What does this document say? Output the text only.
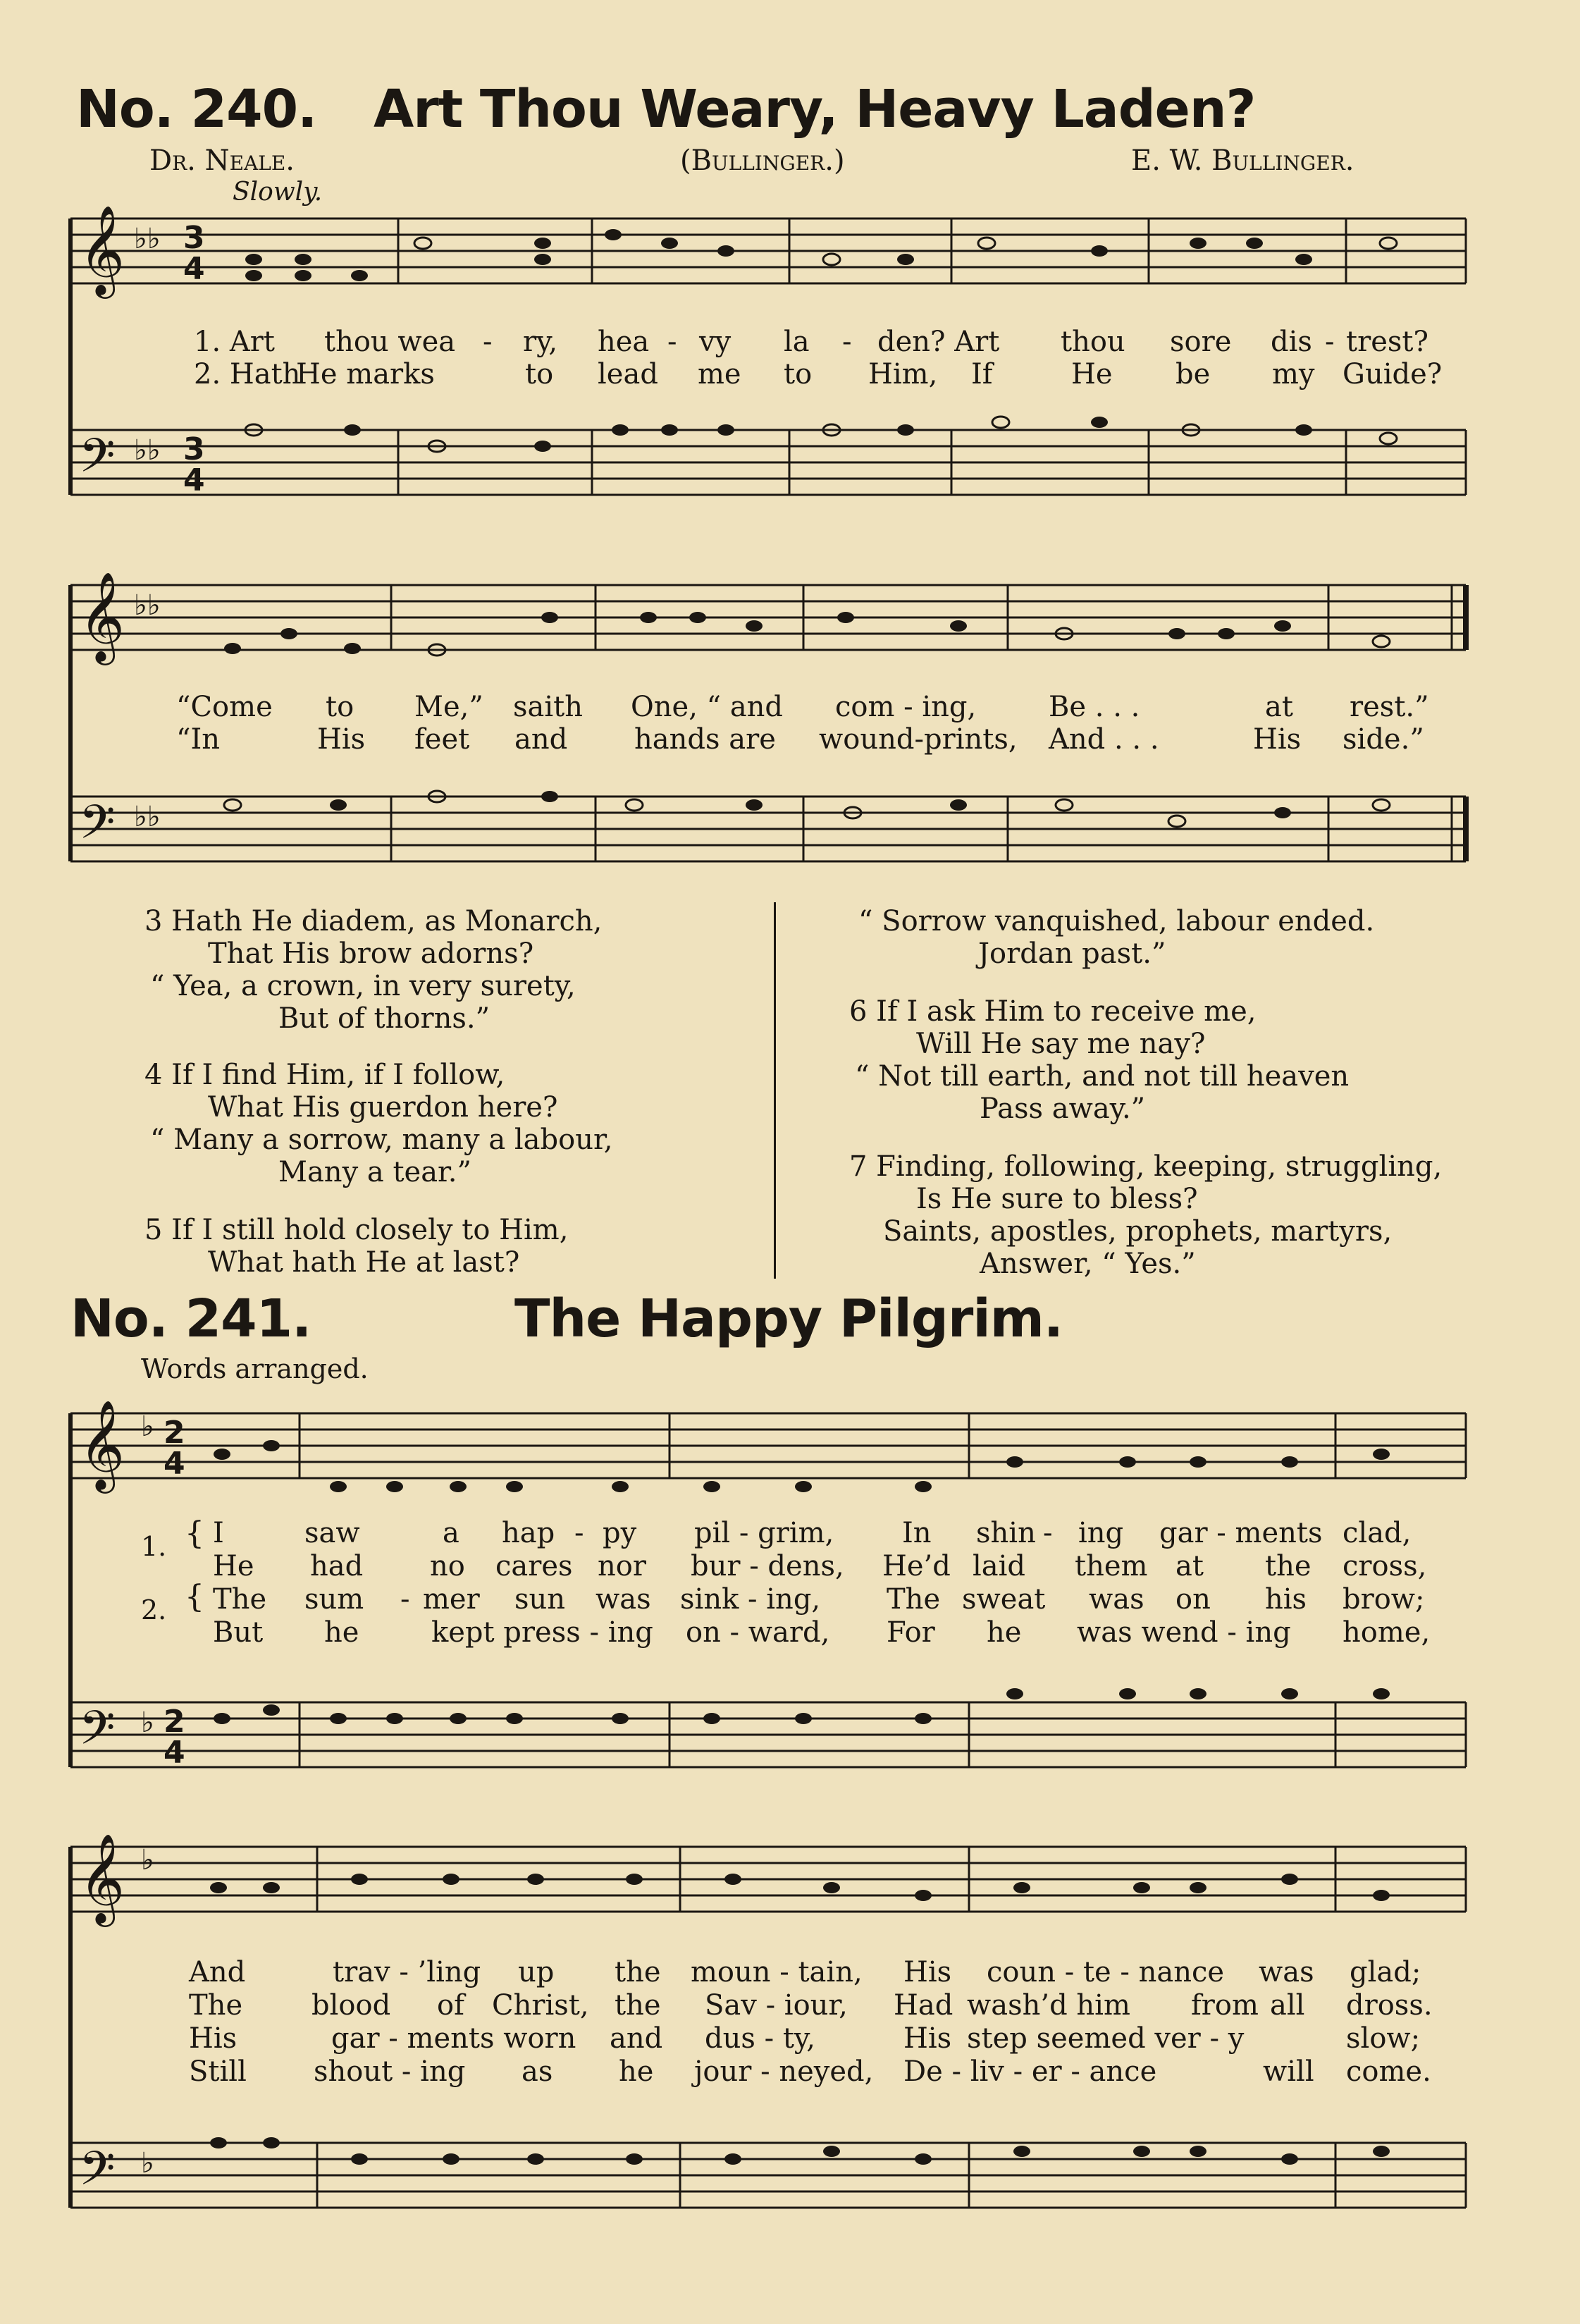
No. 240. Art Thou Weary, Heavy Laden?
Dr. Neale.	(Bullinger.)	E. W. Bullinger.
Slowly.
𝄞
𝄢
♭♭
♭♭
3
4
3
4
1. Art thou wea - ry, hea - vy la - den? Art thou sore dis - trest?
2. Hath
He marks	to lead me to Him, If	He be my Guide?
𝄞
𝄢
♭♭
♭♭
“Come to Me,” saith One, “ and com - ing,	Be . . .	at rest.”
“In	His feet and hands are wound-prints, And . . .	His side.”
3 Hath He diadem, as Monarch,
That His brow adorns?
“ Yea, a crown, in very surety,
But of thorns.”
4 If I find Him, if I follow,
What His guerdon here?
“ Many a sorrow, many a labour,
Many a tear.”
5 If I still hold closely to Him,
What hath He at last?
“ Sorrow vanquished, labour ended.
Jordan past.”
6 If I ask Him to receive me,
Will He say me nay?
“ Not till earth, and not till heaven
Pass away.”
7 Finding, following, keeping, struggling,
Is He sure to bless?
Saints, apostles, prophets, martyrs,
Answer, “ Yes.”
No. 241.	The Happy Pilgrim.
Words arranged.
𝄞
𝄢
♭
♭
2
4
2
4
1.
2.
{
{
I	saw	a hap - py pil - grim, In shin - ing gar - ments clad,
He had no cares nor bur - dens, He’d laid them at the cross,
The sum - mer sun was sink - ing, The sweat was on his brow;
But he	kept press - ing on - ward, For he was wend - ing home,
𝄞
𝄢
♭
♭
And	trav - ’ling up the moun - tain, His coun - te - nance was glad;
The blood of Christ, the Sav - iour, Had wash’d him from all dross.
His	gar - ments worn and dus - ty,	His step seemed ver - y	slow;
Still shout - ing as he jour - neyed, De - liv - er - ance	will come.
